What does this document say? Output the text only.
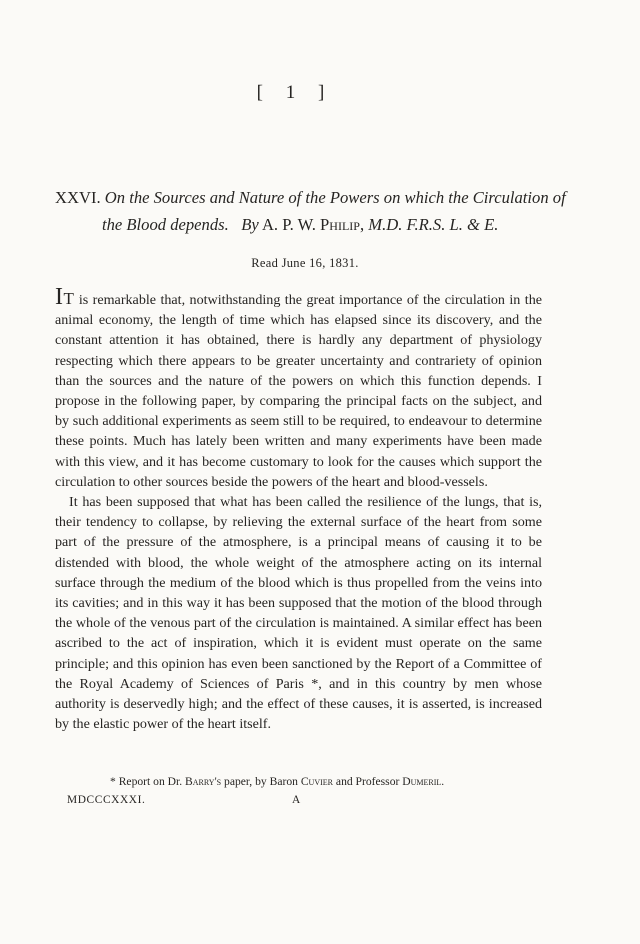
[ 1 ]
XXVI. On the Sources and Nature of the Powers on which the Circulation of
the Blood depends. By A. P. W. Philip, M.D. F.R.S. L. & E.
Read June 16, 1831.

It is remarkable that, notwithstanding the great importance of the circulation in the animal economy, the length of time which has elapsed since its discovery, and the constant attention it has obtained, there is hardly any department of physiology respecting which there appears to be greater uncertainty and contrariety of opinion than the sources and the nature of the powers on which this function depends. I propose in the following paper, by comparing the principal facts on the subject, and by such additional experiments as seem still to be required, to endeavour to determine these points. Much has lately been written and many experiments have been made with this view, and it has become customary to look for the causes which support the circulation to other sources beside the powers of the heart and blood-vessels.

It has been supposed that what has been called the resilience of the lungs, that is, their tendency to collapse, by relieving the external surface of the heart from some part of the pressure of the atmosphere, is a principal means of causing it to be distended with blood, the whole weight of the atmosphere acting on its internal surface through the medium of the blood which is thus propelled from the veins into its cavities; and in this way it has been supposed that the motion of the blood through the whole of the venous part of the circulation is maintained. A similar effect has been ascribed to the act of inspiration, which it is evident must operate on the same principle; and this opinion has even been sanctioned by the Report of a Committee of the Royal Academy of Sciences of Paris *, and in this country by men whose authority is deservedly high; and the effect of these causes, it is asserted, is increased by the elastic power of the heart itself.

* Report on Dr. Barry's paper, by Baron Cuvier and Professor Dumeril.
MDCCCXXXI.	A
